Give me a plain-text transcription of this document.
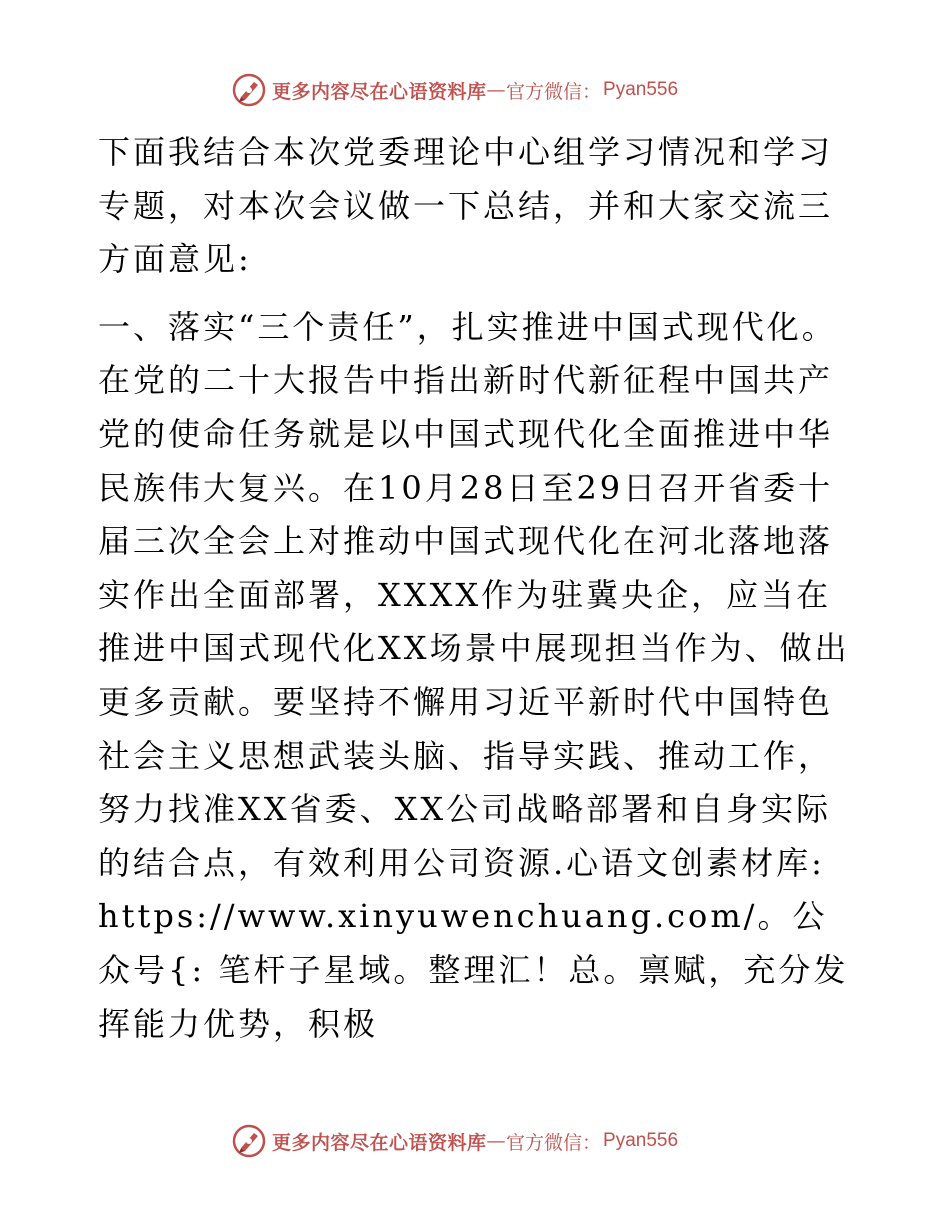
更多内容尽在心语资料库 — 官方微信： Pyan556

下面我结合本次党委理论中心组学习情况和学习专题，对本次会议做一下总结，并和大家交流三方面意见:

一、落实“三个责任”，扎实推进中国式现代化。在党的二十大报告中指出新时代新征程中国共产党的使命任务就是以中国式现代化全面推进中华民族伟大复兴。在10月28日至29日召开省委十届三次全会上对推动中国式现代化在河北落地落实作出全面部署，XXXX作为驻冀央企，应当在推进中国式现代化XX场景中展现担当作为、做出更多贡献。要坚持不懈用习近平新时代中国特色社会主义思想武装头脑、指导实践、推动工作，努力找准XX省委、XX公司战略部署和自身实际的结合点，有效利用公司资源.心语文创素材库: https://www.xinyuwenchuang.com/。公众号{: 笔杆子星域。整理汇！总。禀赋，充分发挥能力优势，积极

更多内容尽在心语资料库 — 官方微信： Pyan556
